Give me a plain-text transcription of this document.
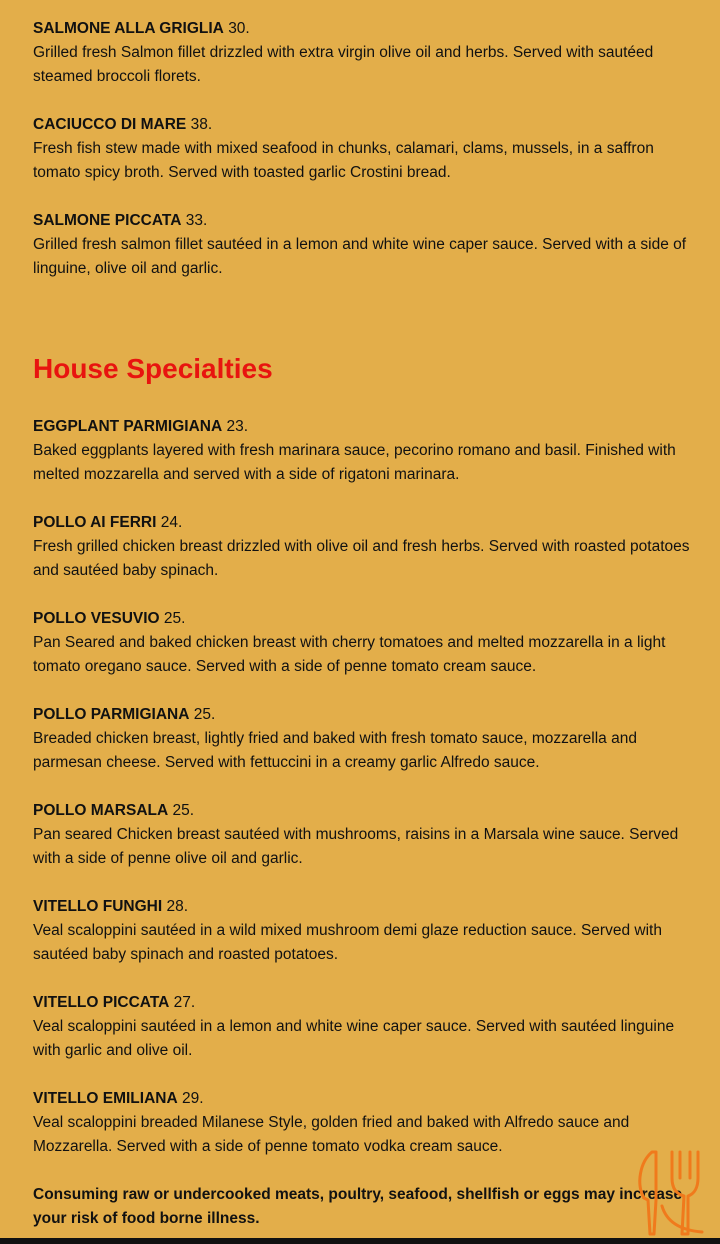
SALMONE ALLA GRIGLIA 30.

Grilled fresh Salmon fillet drizzled with extra virgin olive oil and herbs. Served with sautéed steamed broccoli florets.

CACIUCCO DI MARE 38.

Fresh fish stew made with mixed seafood in chunks, calamari, clams, mussels, in a saffron tomato spicy broth. Served with toasted garlic Crostini bread.

SALMONE PICCATA 33.

Grilled fresh salmon fillet sautéed in a lemon and white wine caper sauce. Served with a side of linguine, olive oil and garlic.

House Specialties

EGGPLANT PARMIGIANA 23.

Baked eggplants layered with fresh marinara sauce, pecorino romano and basil. Finished with melted mozzarella and served with a side of rigatoni marinara.

POLLO AI FERRI 24.

Fresh grilled chicken breast drizzled with olive oil and fresh herbs. Served with roasted potatoes and sautéed baby spinach.

POLLO VESUVIO 25.

Pan Seared and baked chicken breast with cherry tomatoes and melted mozzarella in a light tomato oregano sauce. Served with a side of penne tomato cream sauce.

POLLO PARMIGIANA 25.

Breaded chicken breast, lightly fried and baked with fresh tomato sauce, mozzarella and parmesan cheese. Served with fettuccini in a creamy garlic Alfredo sauce.

POLLO MARSALA 25.

Pan seared Chicken breast sautéed with mushrooms, raisins in a Marsala wine sauce. Served with a side of penne olive oil and garlic.

VITELLO FUNGHI 28.

Veal scaloppini sautéed in a wild mixed mushroom demi glaze reduction sauce. Served with sautéed baby spinach and roasted potatoes.

VITELLO PICCATA 27.

Veal scaloppini sautéed in a lemon and white wine caper sauce. Served with sautéed linguine with garlic and olive oil.

VITELLO EMILIANA 29.

Veal scaloppini breaded Milanese Style, golden fried and baked with Alfredo sauce and Mozzarella. Served with a side of penne tomato vodka cream sauce.

Consuming raw or undercooked meats, poultry, seafood, shellfish or eggs may increase your risk of food borne illness.
